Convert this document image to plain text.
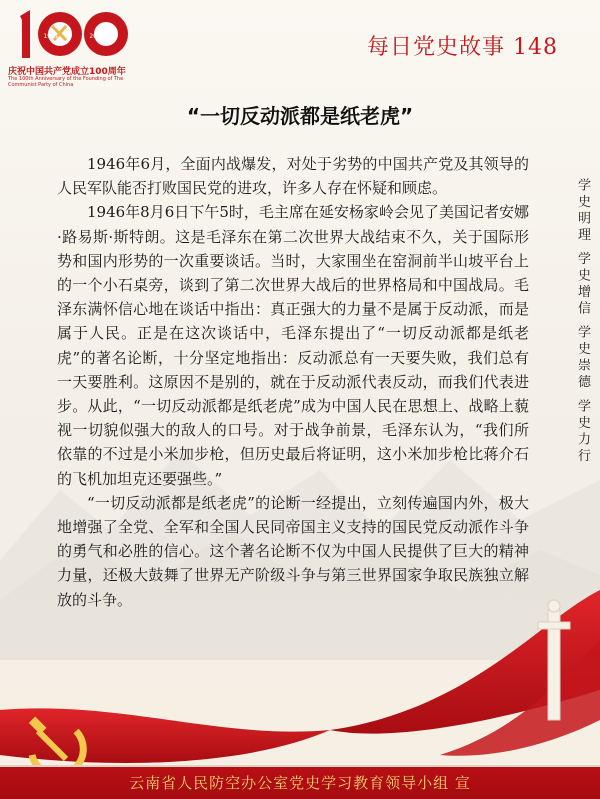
1921	2021
庆祝中国共产党成立100周年
The 100th Anniversary of the Founding of The Communist Party of China
每日党史故事 148
“一切反动派都是纸老虎”

1946年6月，全面内战爆发，对处于劣势的中国共产党及其领导的人民军队能否打败国民党的进攻，许多人存在怀疑和顾虑。

1946年8月6日下午5时，毛主席在延安杨家岭会见了美国记者安娜·路易斯·斯特朗。这是毛泽东在第二次世界大战结束不久，关于国际形势和国内形势的一次重要谈话。当时，大家围坐在窑洞前半山坡平台上的一个小石桌旁，谈到了第二次世界大战后的世界格局和中国战局。毛泽东满怀信心地在谈话中指出：真正强大的力量不是属于反动派，而是属于人民。正是在这次谈话中，毛泽东提出了“一切反动派都是纸老虎”的著名论断，十分坚定地指出：反动派总有一天要失败，我们总有一天要胜利。这原因不是别的，就在于反动派代表反动，而我们代表进步。从此，“一切反动派都是纸老虎”成为中国人民在思想上、战略上藐视一切貌似强大的敌人的口号。对于战争前景，毛泽东认为，“我们所依靠的不过是小米加步枪，但历史最后将证明，这小米加步枪比蒋介石的飞机加坦克还要强些。”

“一切反动派都是纸老虎”的论断一经提出，立刻传遍国内外，极大地增强了全党、全军和全国人民同帝国主义支持的国民党反动派作斗争的勇气和必胜的信心。这个著名论断不仅为中国人民提供了巨大的精神力量，还极大鼓舞了世界无产阶级斗争与第三世界国家争取民族独立解放的斗争。

学史明理 学史增信 学史崇德 学史力行
云南省人民防空办公室党史学习教育领导小组 宣
